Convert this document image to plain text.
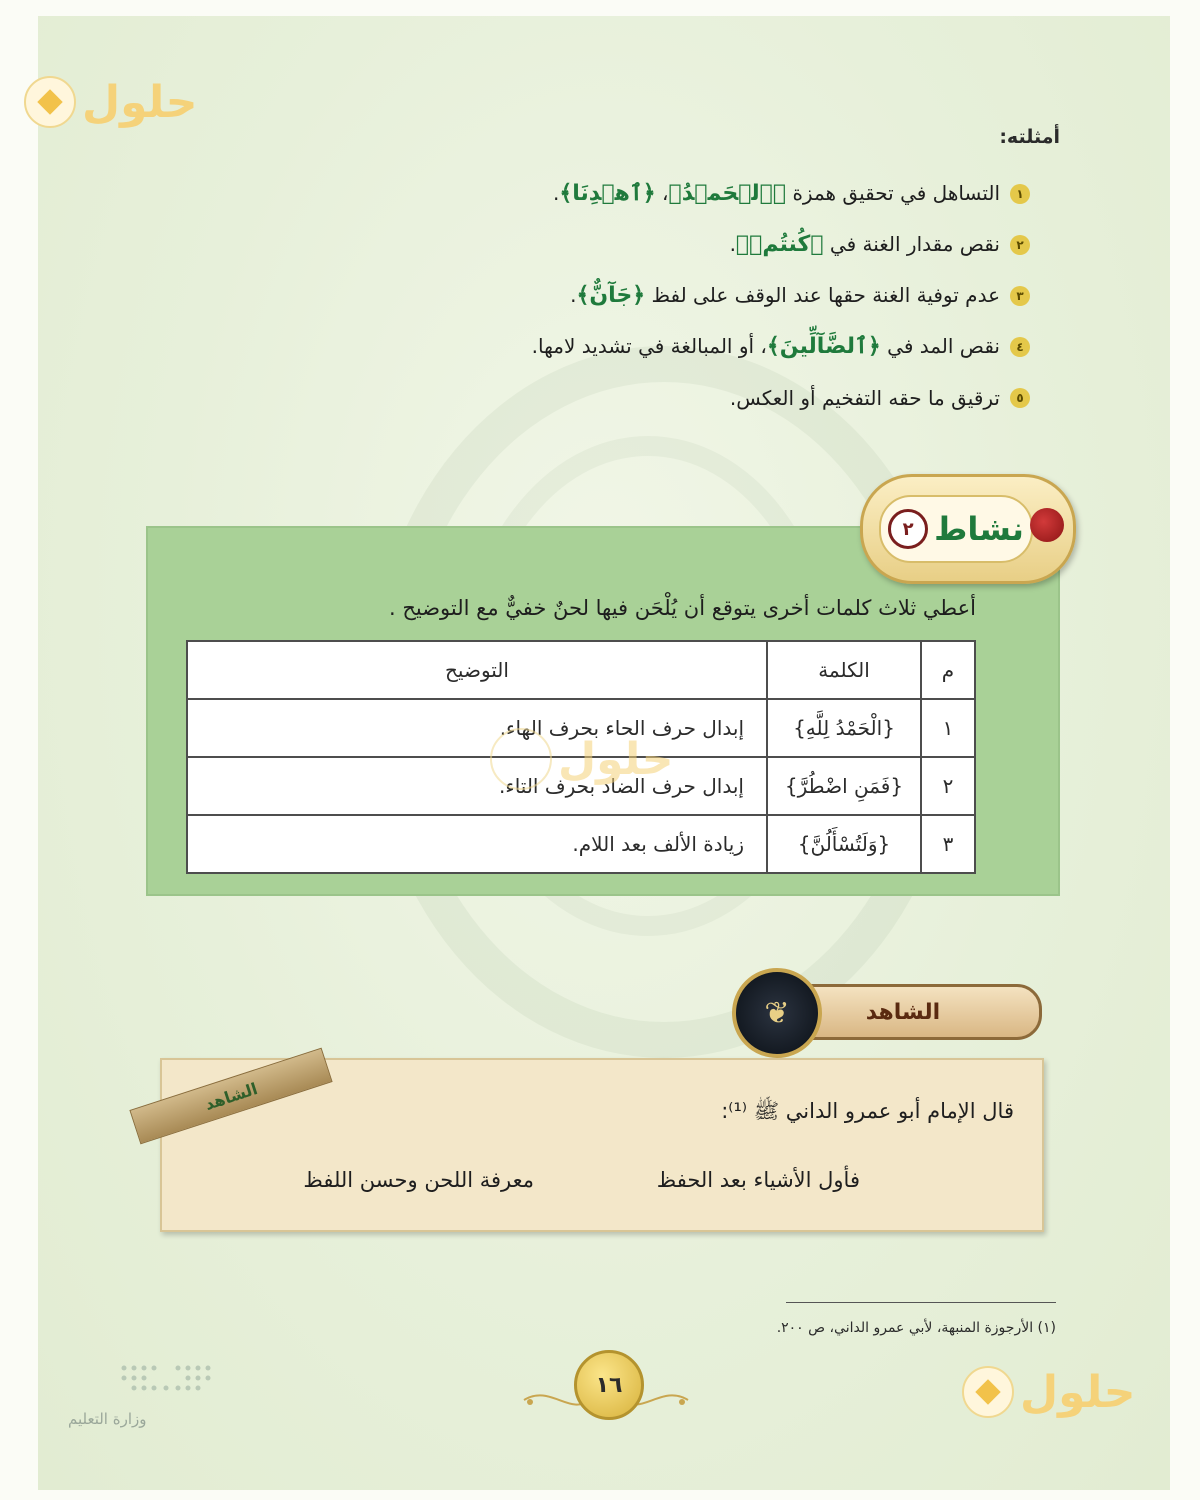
حلول
أمثلته:
١
التساهل في تحقيق همزة ﴿ٱلۡحَمۡدُ﴾، ﴿ٱهۡدِنَا﴾.
٢
نقص مقدار الغنة في ﴿كُنتُمۡ﴾.
٣
عدم توفية الغنة حقها عند الوقف على لفظ ﴿جَآنٌّ﴾.
٤
نقص المد في ﴿ٱلضَّآلِّينَ﴾، أو المبالغة في تشديد لامها.
٥
ترقيق ما حقه التفخيم أو العكس.
نشاط
٢
أعطي ثلاث كلمات أخرى يتوقع أن يُلْحَن فيها لحنٌ خفيٌّ مع التوضيح .
م	الكلمة	التوضيح
١	{الْحَمْدُ لِلَّهِ}	إبدال حرف الحاء بحرف الهاء.
٢	{فَمَنِ اضْطُرَّ}	إبدال حرف الضاد بحرف التاء.
٣	{وَلَتُسْأَلُنَّ}	زيادة الألف بعد اللام.
حلول
الشاهد
❦
الشاهد	قال الإمام أبو عمرو الداني ﷺ ⁽¹⁾:
فأول الأشياء بعد الحفظ
معرفة اللحن وحسن اللفظ
(١) الأرجوزة المنبهة، لأبي عمرو الداني، ص ٢٠٠.
١٦
وزارة التعليم
حلول
